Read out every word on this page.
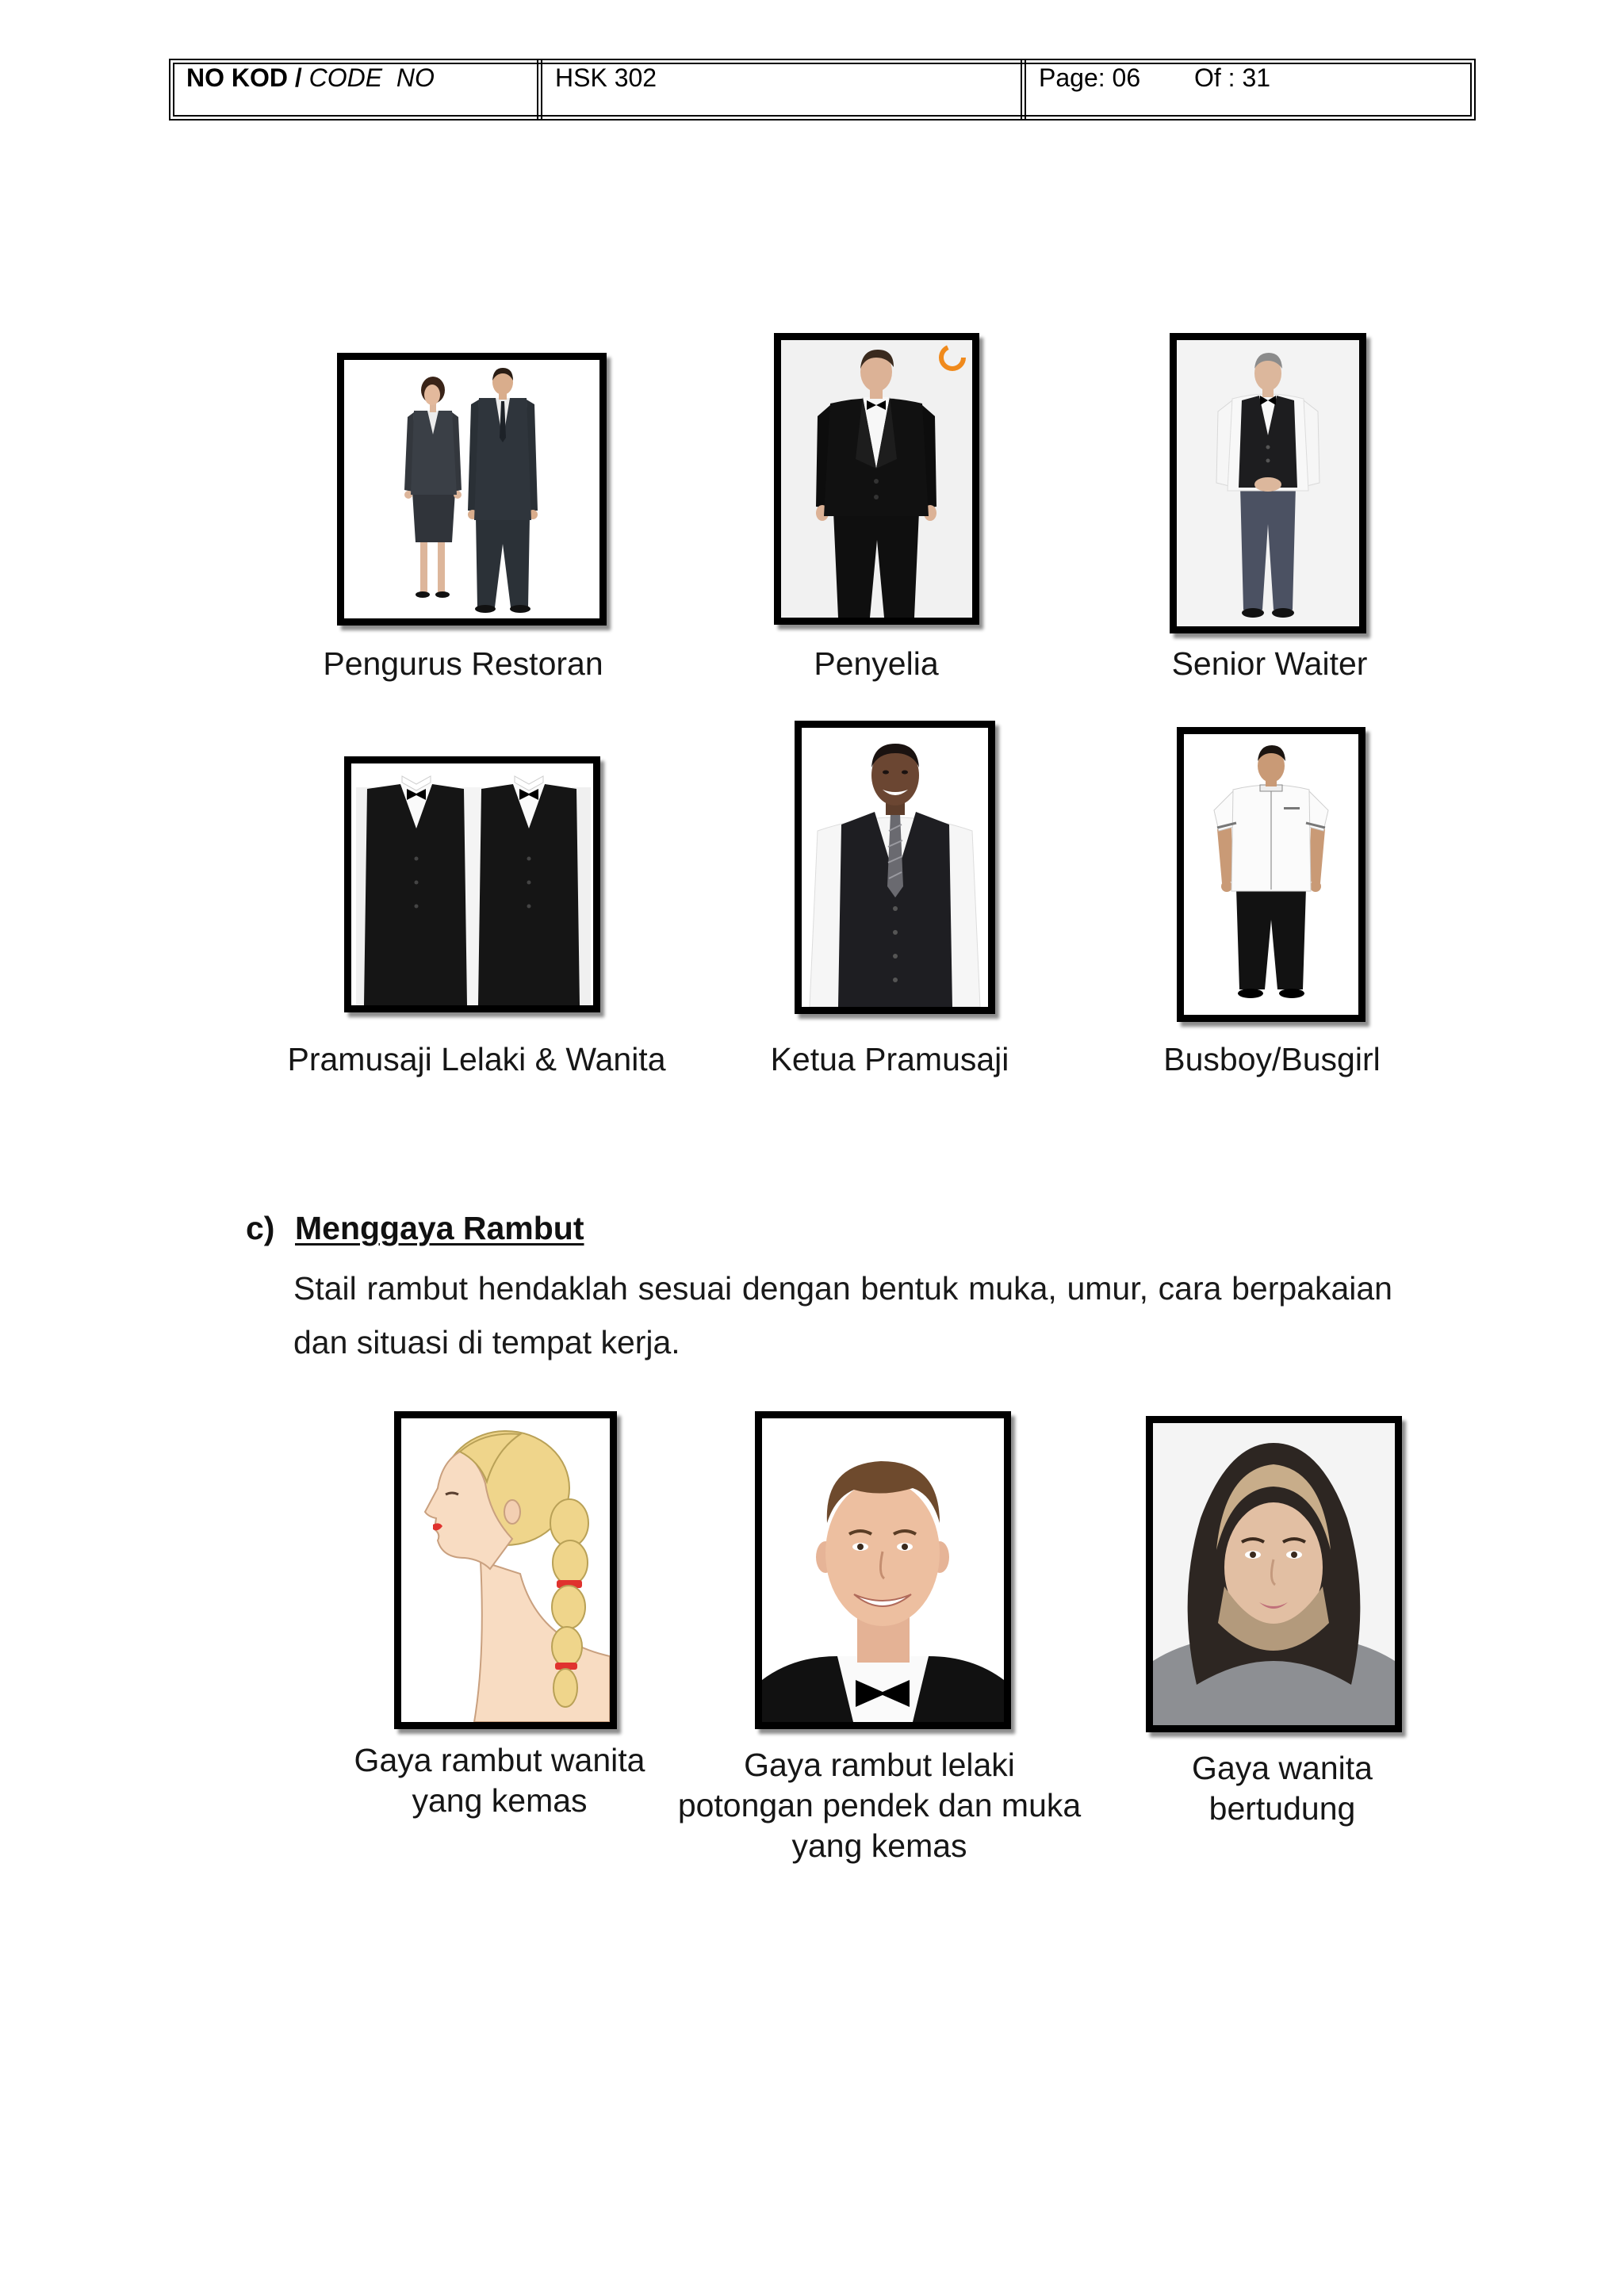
NO KOD / CODE  NO	HSK 302	Page: 06 Of : 31
Pengurus Restoran	Penyelia	Senior Waiter
Pramusaji Lelaki & Wanita	Ketua Pramusaji	Busboy/Busgirl
c) Menggaya Rambut
Stail rambut hendaklah sesuai dengan bentuk muka, umur, cara berpakaian
dan situasi di tempat kerja.
Gaya rambut wanita
yang kemas
Gaya rambut lelaki
potongan pendek dan muka
yang kemas
Gaya wanita
bertudung
